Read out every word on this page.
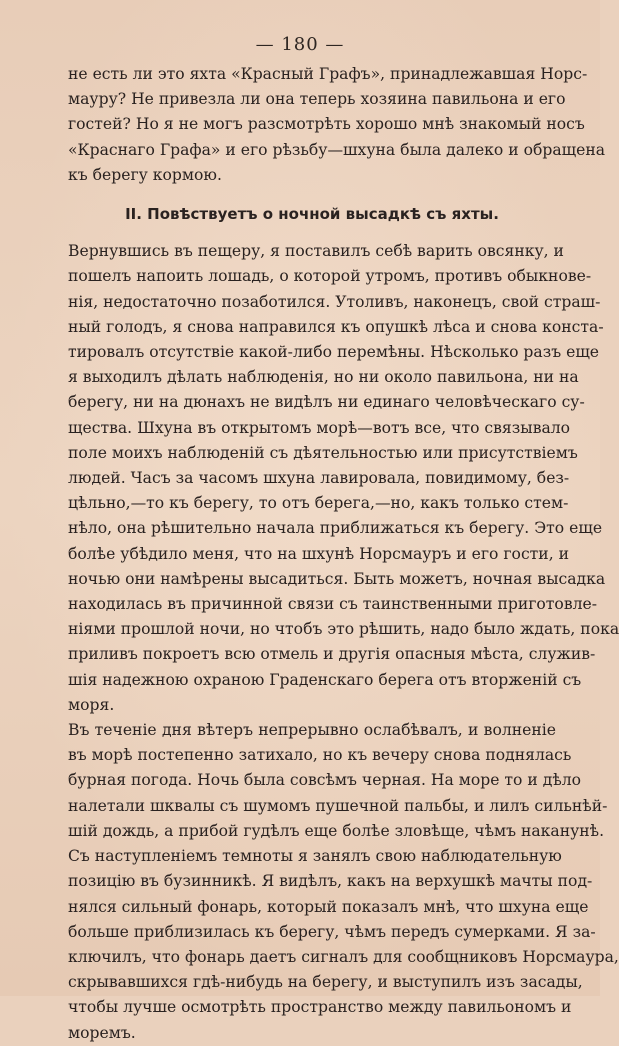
— 180 —

не есть ли это яхта «Красный Графъ», принадлежавшая Норс-
мауру? Не привезла ли она теперь хозяина павильона и его
гостей? Но я не могъ разсмотрѣть хорошо мнѣ знакомый носъ
«Краснаго Графа» и его рѣзьбу—шхуна была далеко и обращена
къ берегу кормою.

II. Повѣствуетъ о ночной высадкѣ съ яхты.

Вернувшись въ пещеру, я поставилъ себѣ варить овсянку, и
пошелъ напоить лошадь, о которой утромъ, противъ обыкнове-
нія, недостаточно позаботился. Утоливъ, наконецъ, свой страш-
ный голодъ, я снова направился къ опушкѣ лѣса и снова конста-
тировалъ отсутствіе какой-либо перемѣны. Нѣсколько разъ еще
я выходилъ дѣлать наблюденія, но ни около павильона, ни на
берегу, ни на дюнахъ не видѣлъ ни единаго человѣческаго су-
щества. Шхуна въ открытомъ морѣ—вотъ все, что связывало
поле моихъ наблюденій съ дѣятельностью или присутствіемъ
людей. Часъ за часомъ шхуна лавировала, повидимому, без-
цѣльно,—то къ берегу, то отъ берега,—но, какъ только стем-
нѣло, она рѣшительно начала приближаться къ берегу. Это еще
болѣе убѣдило меня, что на шхунѣ Норсмауръ и его гости, и
ночью они намѣрены высадиться. Быть можетъ, ночная высадка
находилась въ причинной связи съ таинственными приготовле-
ніями прошлой ночи, но чтобъ это рѣшить, надо было ждать, пока
приливъ покроетъ всю отмель и другія опасныя мѣста, служив-
шія надежною охраною Граденскаго берега отъ вторженій съ
моря.

Въ теченіе дня вѣтеръ непрерывно ослабѣвалъ, и волненіе
въ морѣ постепенно затихало, но къ вечеру снова поднялась
бурная погода. Ночь была совсѣмъ черная. На море то и дѣло
налетали шквалы съ шумомъ пушечной пальбы, и лилъ сильнѣй-
шій дождь, а прибой гудѣлъ еще болѣе зловѣще, чѣмъ наканунѣ.

Съ наступленіемъ темноты я занялъ свою наблюдательную
позицію въ бузинникѣ. Я видѣлъ, какъ на верхушкѣ мачты под-
нялся сильный фонарь, который показалъ мнѣ, что шхуна еще
больше приблизилась къ берегу, чѣмъ передъ сумерками. Я за-
ключилъ, что фонарь даетъ сигналъ для сообщниковъ Норсмаура,
скрывавшихся гдѣ-нибудь на берегу, и выступилъ изъ засады,
чтобы лучше осмотрѣть пространство между павильономъ и
моремъ.
